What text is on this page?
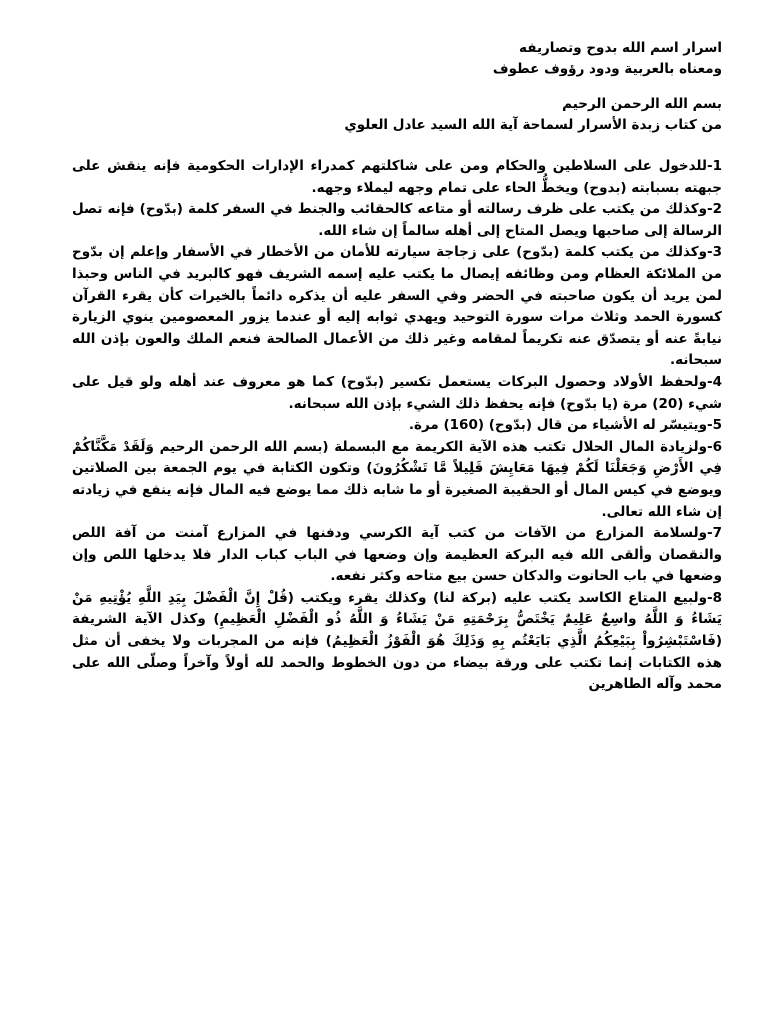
اسرار اسم الله بدوح وتصاريفه

ومعناه بالعربية ودود رؤوف عطوف

بسم الله الرحمن الرحيم

من كتاب زبدة الأسرار لسماحة آية الله السيد عادل العلوي

1-للدخول على السلاطين والحكام ومن على شاكلتهم كمدراء الإدارات الحكومية فإنه ينقش على جبهته بسبابته (بدوح) ويخطُّ الحاء على تمام وجهه ليملاء وجهه.

2-وكذلك من يكتب على ظرف رسالته أو متاعه كالحقائب والجنط في السفر كلمة (بدّوح) فإنه تصل الرسالة إلى صاحبها ويصل المتاح إلى أهله سالماً إن شاء الله.

3-وكذلك من يكتب كلمة (بدّوح) على زجاجة سيارته للأمان من الأخطار في الأسفار وإعلم إن بدّوح من الملائكة العظام ومن وظائفه إيصال ما يكتب عليه إسمه الشريف فهو كالبريد في الناس وحبذا لمن يريد أن يكون صاحبته في الحضر وفي السفر عليه أن يذكره دائماً بالخيرات كأن يقرء القرآن كسورة الحمد وثلاث مرات سورة التوحيد ويهدي ثوابه إليه أو عندما يزور المعصومين ينوي الزيارة نيابةً عنه أو يتصدّق عنه تكريماً لمقامه وغير ذلك من الأعمال الصالحة فنعم الملك والعون بإذن الله سبحانه.

4-ولحفظ الأولاد وحصول البركات يستعمل تكسير (بدّوح) كما هو معروف عند أهله ولو قيل على شيء (20) مرة (يا بدّوح) فإنه يحفظ ذلك الشيء بإذن الله سبحانه.

5-ويتيسّر له الأشياء من قال (بدّوح) (160) مرة.

6-ولزيادة المال الحلال تكتب هذه الآية الكريمة مع البسملة (بسم الله الرحمن الرحيم وَلَقَدْ مَكَّنَّاكُمْ فِي الأَرْضِ وَجَعَلْنَا لَكُمْ فِيهَا مَعَايِشَ قَلِيلاً مَّا تَشْكُرُونَ) وتكون الكتابة في يوم الجمعة بين الصلاتين ويوضع في كيس المال أو الحقيبة الصغيرة أو ما شابه ذلك مما يوضع فيه المال فإنه ينفع في زيادته إن شاء الله تعالى.

7-ولسلامة المزارع من الآفات من كتب آية الكرسي ودفنها في المزارع آمنت من آفة اللص والنقصان وألقى الله فيه البركة العظيمة وإن وضعها في الباب كباب الدار فلا يدخلها اللص وإن وضعها في باب الحانوت والدكان حسن بيع متاحه وكثر نفعه.

8-ولبيع المتاع الكاسد يكتب عليه (بركة لنا) وكذلك يقرء ويكتب (قُلْ إِنَّ الْفَضْلَ بِيَدِ اللَّهِ يُؤْتِيهِ مَنْ يَشَاءُ وَ اللَّهُ واسِعٌ عَلِيمٌ يَخْتَصُّ بِرَحْمَتِهِ مَنْ يَشَاءُ وَ اللَّهُ ذُو الْفَضْلِ الْعَظِيمِ) وكذل الآية الشريفة (فَاسْتَبْشِرُواْ بِبَيْعِكُمُ الَّذِي بَايَعْتُم بِهِ وَذَلِكَ هُوَ الْفَوْزُ الْعَظِيمُ) فإنه من المجربات ولا يخفى أن مثل هذه الكتابات إنما تكتب على ورقة بيضاء من دون الخطوط والحمد لله أولاً وآخراً وصلّى الله على محمد وآله الطاهرين
